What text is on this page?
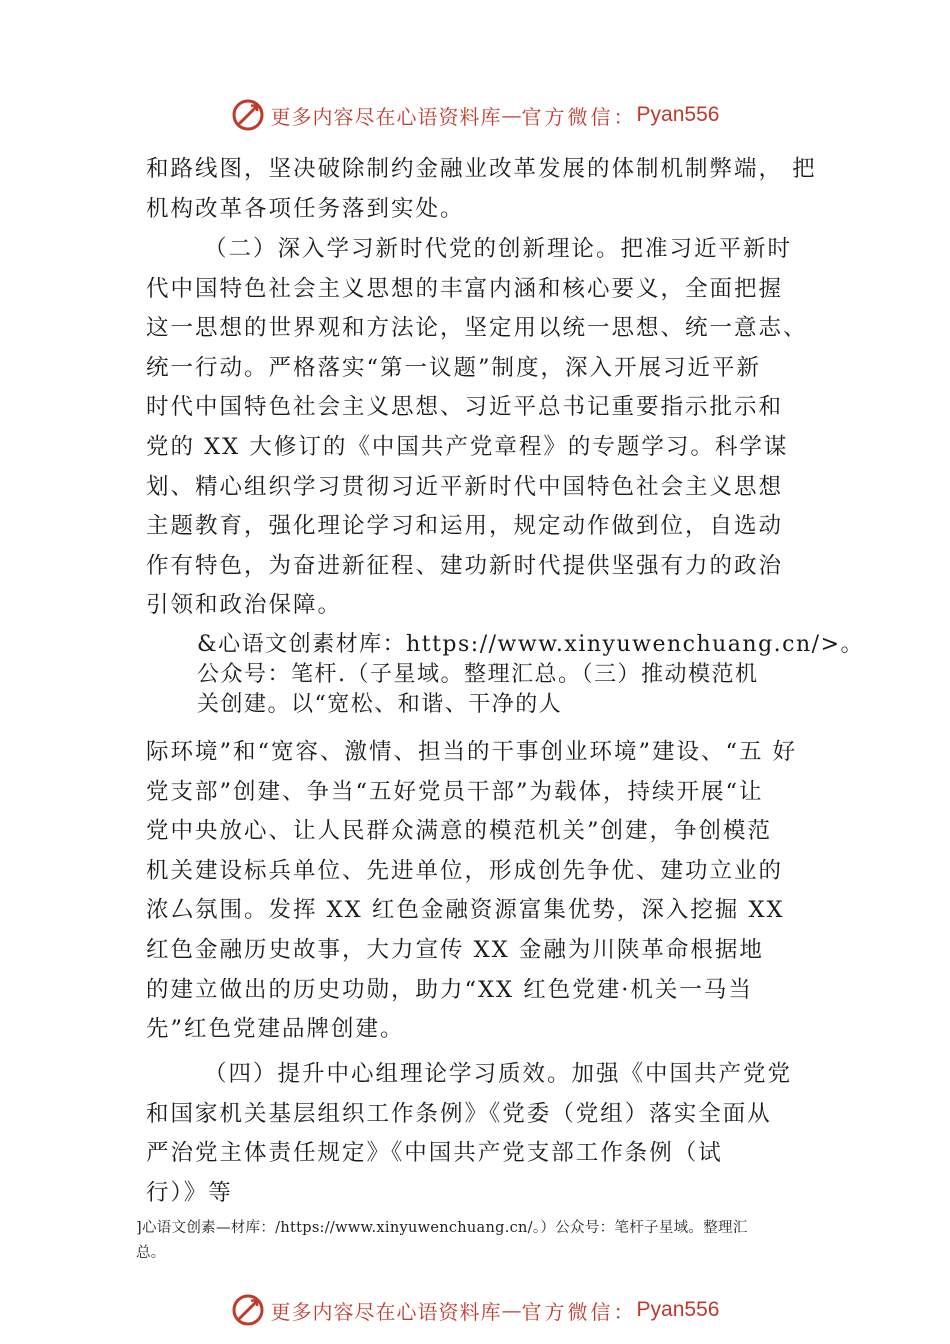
更多内容尽在心语资料库 — 官方微信： Pyan556
和路线图，坚决破除制约金融业改革发展的体制机制弊端， 把
机构改革各项任务落到实处。
（二）深入学习新时代党的创新理论。把准习近平新时
代中国特色社会主义思想的丰富内涵和核心要义，全面把握
这一思想的世界观和方法论，坚定用以统一思想、统一意志、
统一行动。严格落实“第一议题”制度，深入开展习近平新
时代中国特色社会主义思想、习近平总书记重要指示批示和
党的 XX 大修订的《中国共产党章程》的专题学习。科学谋
划、精心组织学习贯彻习近平新时代中国特色社会主义思想
主题教育，强化理论学习和运用，规定动作做到位，自选动
作有特色，为奋进新征程、建功新时代提供坚强有力的政治
引领和政治保障。
&心语文创素材库：https://www.xinyuwenchuang.cn/>。
公众号：笔杆.（子星域。整理汇总。（三）推动模范机
关创建。以“宽松、和谐、干净的人
际环境”和“宽容、激情、担当的干事创业环境”建设、“五 好
党支部”创建、争当“五好党员干部”为载体，持续开展“让
党中央放心、让人民群众满意的模范机关”创建，争创模范
机关建设标兵单位、先进单位，形成创先争优、建功立业的
浓厶氛围。发挥 XX 红色金融资源富集优势，深入挖掘 XX
红色金融历史故事，大力宣传 XX 金融为川陕革命根据地
的建立做出的历史功勋，助力“XX 红色党建·机关一马当
先”红色党建品牌创建。
（四）提升中心组理论学习质效。加强《中国共产党党
和国家机关基层组织工作条例》《党委（党组）落实全面从
严治党主体责任规定》《中国共产党支部工作条例（试
行）》等
]心语文创素—材库：/https://www.xinyuwenchuang.cn/。）公众号：笔杆子星域。整理汇
总。
更多内容尽在心语资料库 — 官方微信： Pyan556
